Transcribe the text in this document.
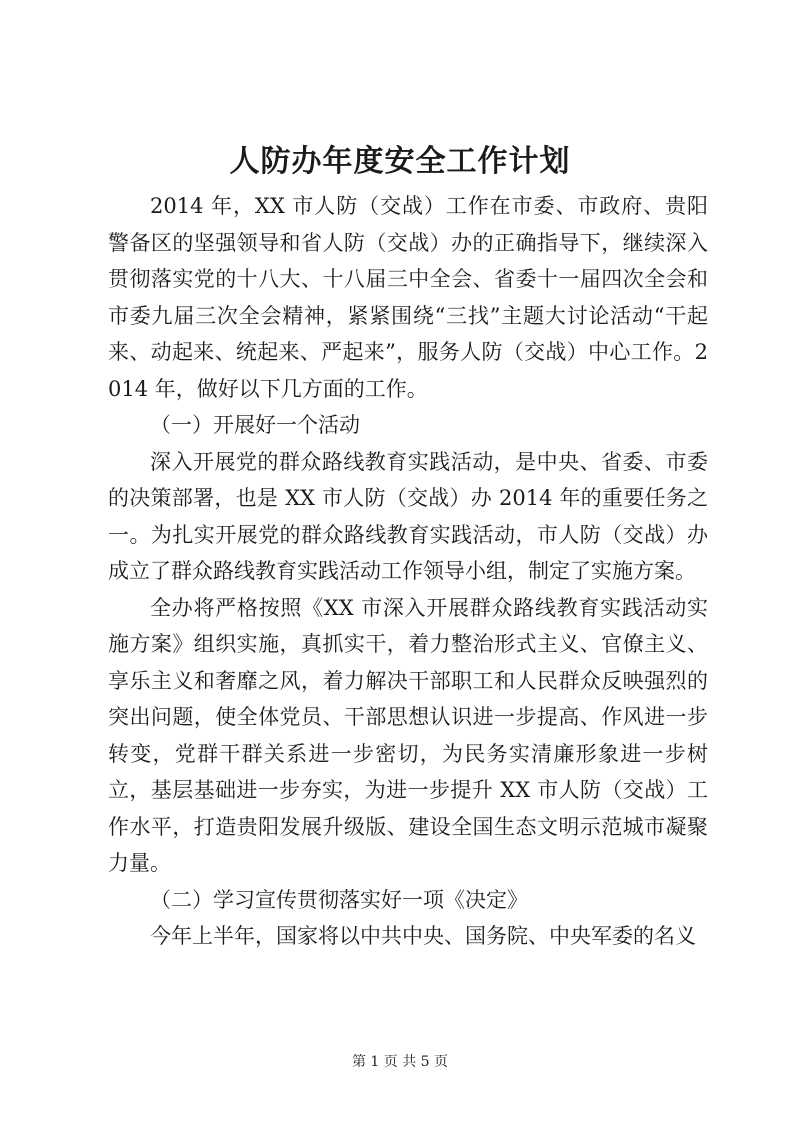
人防办年度安全工作计划

2014 年，XX 市人防（交战）工作在市委、市政府、贵阳警备区的坚强领导和省人防（交战）办的正确指导下，继续深入贯彻落实党的十八大、十八届三中全会、省委十一届四次全会和市委九届三次全会精神，紧紧围绕“三找”主题大讨论活动“干起来、动起来、统起来、严起来”，服务人防（交战）中心工作。2014 年，做好以下几方面的工作。

（一）开展好一个活动

深入开展党的群众路线教育实践活动，是中央、省委、市委的决策部署，也是 XX 市人防（交战）办 2014 年的重要任务之一。为扎实开展党的群众路线教育实践活动，市人防（交战）办成立了群众路线教育实践活动工作领导小组，制定了实施方案。

全办将严格按照《XX 市深入开展群众路线教育实践活动实施方案》组织实施，真抓实干，着力整治形式主义、官僚主义、享乐主义和奢靡之风，着力解决干部职工和人民群众反映强烈的突出问题，使全体党员、干部思想认识进一步提高、作风进一步转变，党群干群关系进一步密切，为民务实清廉形象进一步树立，基层基础进一步夯实，为进一步提升 XX 市人防（交战）工作水平，打造贵阳发展升级版、建设全国生态文明示范城市凝聚力量。

（二）学习宣传贯彻落实好一项《决定》

今年上半年，国家将以中共中央、国务院、中央军委的名义

第 1 页 共 5 页
